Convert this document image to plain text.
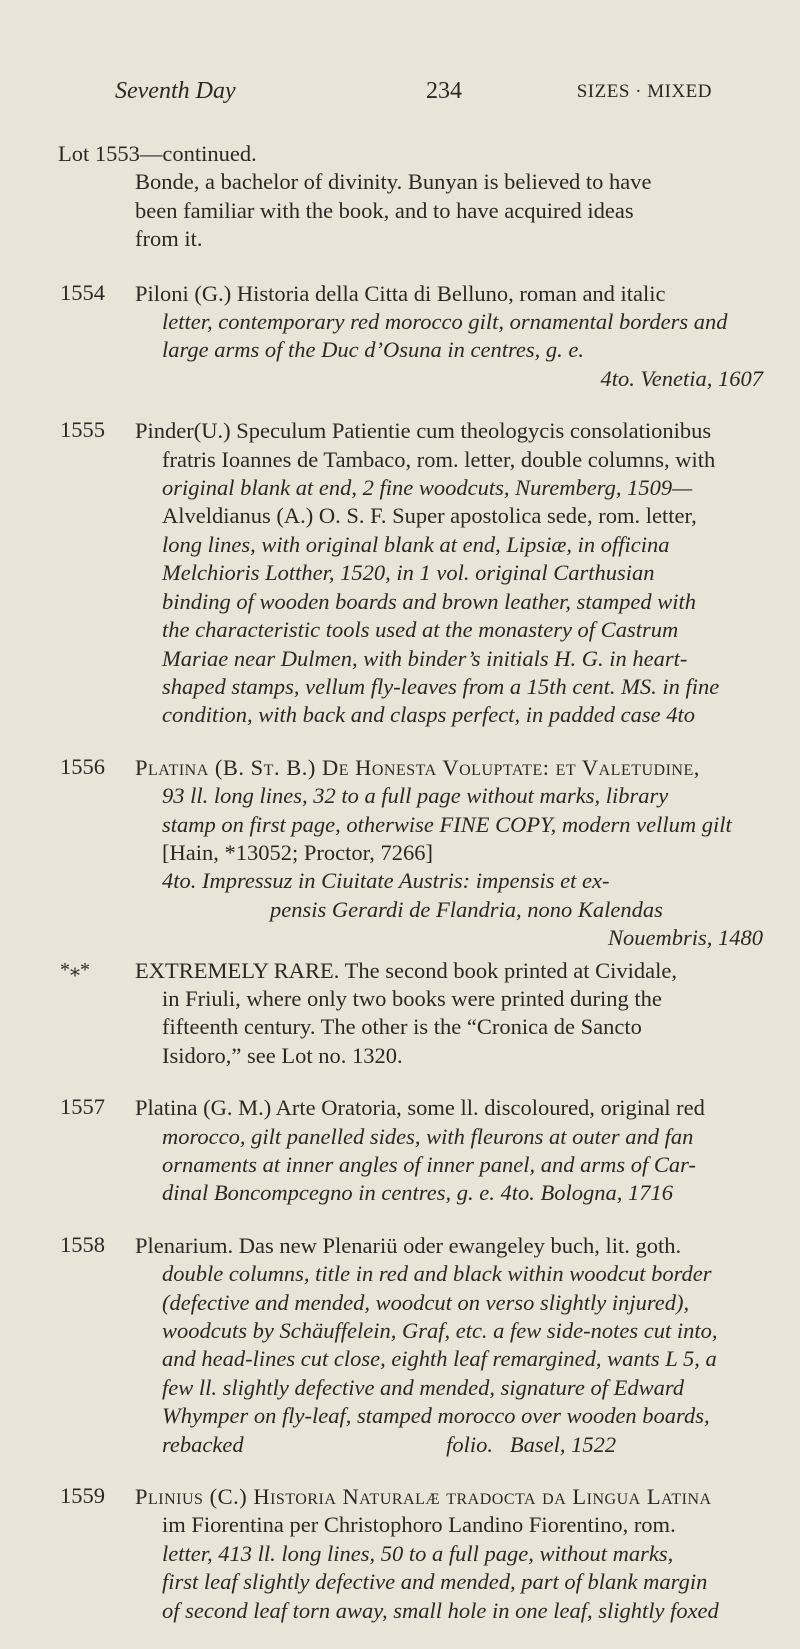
Seventh Day	234	SIZES · MIXED
Lot 1553—continued.
Bonde, a bachelor of divinity. Bunyan is believed to have
been familiar with the book, and to have acquired ideas
from it.
1554 Piloni (G.) Historia della Citta di Belluno, roman and italic
letter, contemporary red morocco gilt, ornamental borders and
large arms of the Duc d’Osuna in centres, g. e.
4to. Venetia, 1607
1555 Pinder(U.) Speculum Patientie cum theologycis consolationibus
fratris Ioannes de Tambaco, rom. letter, double columns, with
original blank at end, 2 fine woodcuts, Nuremberg, 1509—
Alveldianus (A.) O. S. F. Super apostolica sede, rom. letter,
long lines, with original blank at end, Lipsiæ, in officina
Melchioris Lotther, 1520, in 1 vol. original Carthusian
binding of wooden boards and brown leather, stamped with
the characteristic tools used at the monastery of Castrum
Mariae near Dulmen, with binder’s initials H. G. in heart-
shaped stamps, vellum fly-leaves from a 15th cent. MS. in fine
condition, with back and clasps perfect, in padded case 4to
1556 Platina (B. St. B.) De Honesta Voluptate: et Valetudine,
93 ll. long lines, 32 to a full page without marks, library
stamp on first page, otherwise FINE COPY, modern vellum gilt
[Hain, *13052; Proctor, 7266]
4to. Impressuz in Ciuitate Austris: impensis et ex-
pensis Gerardi de Flandria, nono Kalendas
Nouembris, 1480
*⁎* EXTREMELY RARE. The second book printed at Cividale,
in Friuli, where only two books were printed during the
fifteenth century. The other is the “Cronica de Sancto
Isidoro,” see Lot no. 1320.
1557 Platina (G. M.) Arte Oratoria, some ll. discoloured, original red
morocco, gilt panelled sides, with fleurons at outer and fan
ornaments at inner angles of inner panel, and arms of Car-
dinal Boncompcegno in centres, g. e. 4to. Bologna, 1716
1558 Plenarium. Das new Plenariü oder ewangeley buch, lit. goth.
double columns, title in red and black within woodcut border
(defective and mended, woodcut on verso slightly injured),
woodcuts by Schäuffelein, Graf, etc. a few side-notes cut into,
and head-lines cut close, eighth leaf remargined, wants L 5, a
few ll. slightly defective and mended, signature of Edward
Whymper on fly-leaf, stamped morocco over wooden boards,
rebacked                                    folio.   Basel, 1522
1559 Plinius (C.) Historia Naturalæ tradocta da Lingua Latina
im Fiorentina per Christophoro Landino Fiorentino, rom.
letter, 413 ll. long lines, 50 to a full page, without marks,
first leaf slightly defective and mended, part of blank margin
of second leaf torn away, small hole in one leaf, slightly foxed
